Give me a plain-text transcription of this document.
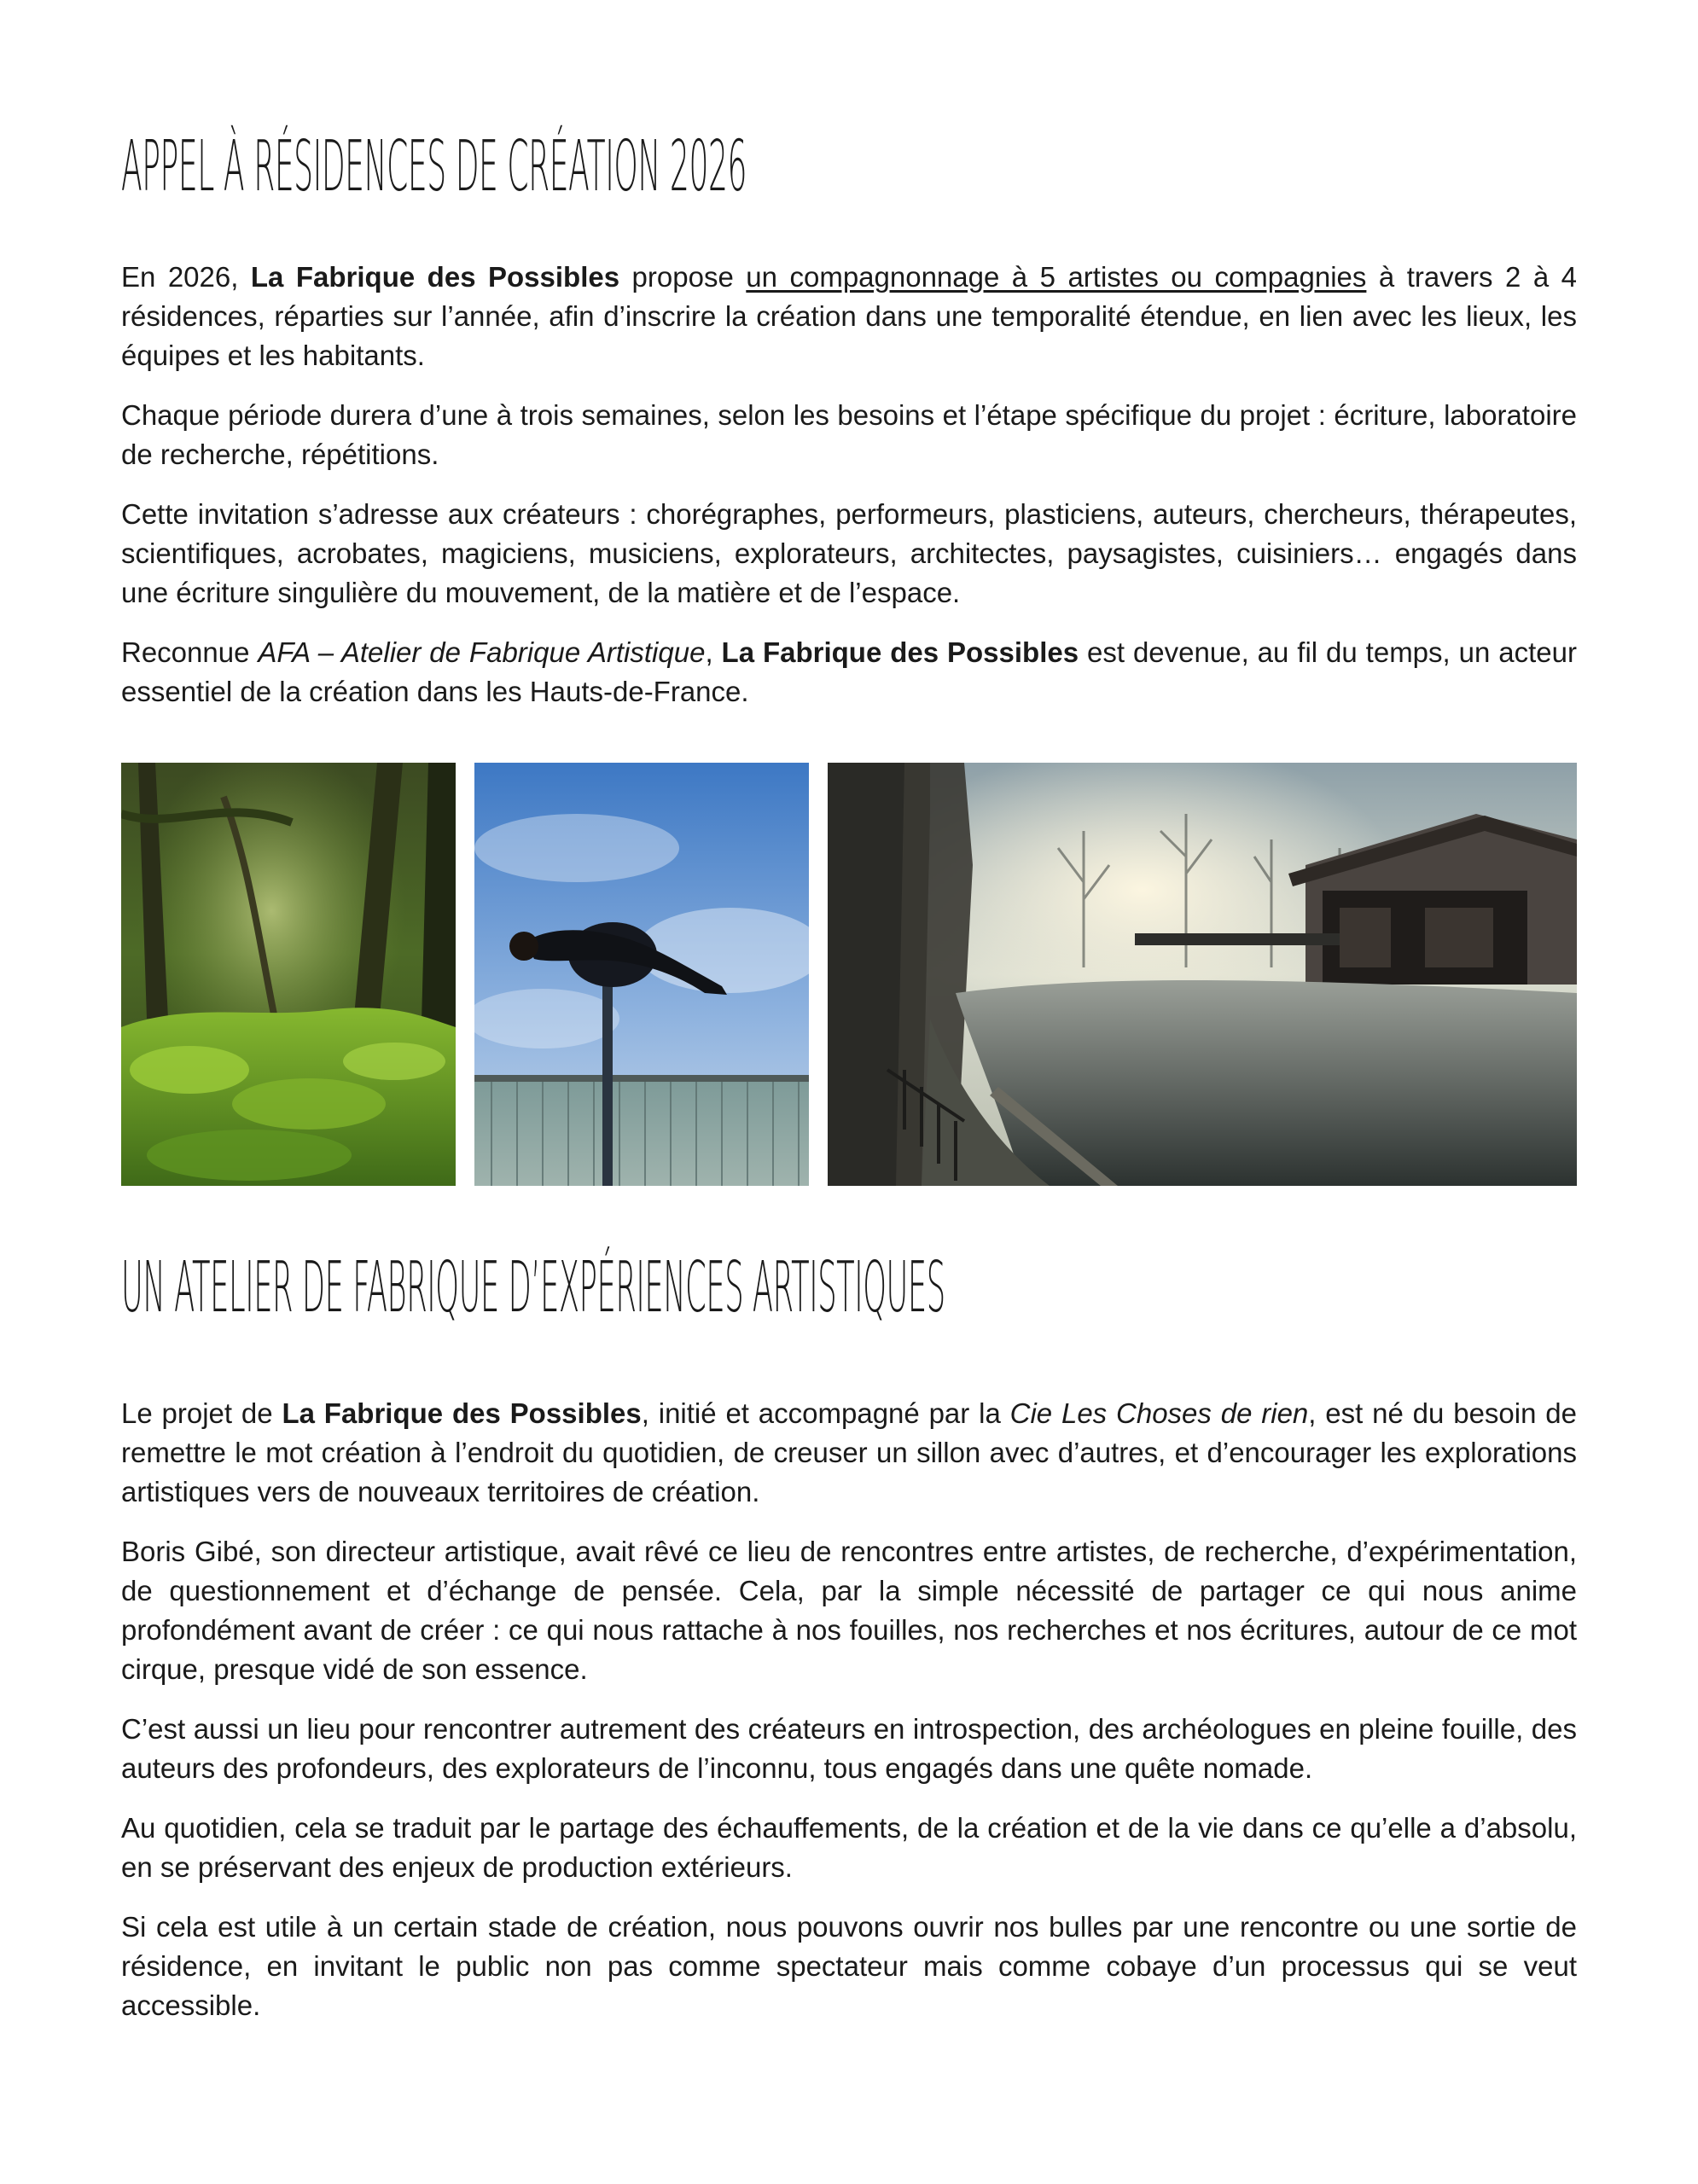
APPEL À RÉSIDENCES DE CRÉATION 2026

En 2026, La Fabrique des Possibles propose un compagnonnage à 5 artistes ou compagnies à travers 2 à 4 résidences, réparties sur l’année, afin d’inscrire la création dans une temporalité étendue, en lien avec les lieux, les équipes et les habitants.

Chaque période durera d’une à trois semaines, selon les besoins et l’étape spécifique du projet : écriture, laboratoire de recherche, répétitions.

Cette invitation s’adresse aux créateurs : chorégraphes, performeurs, plasticiens, auteurs, chercheurs, thérapeutes, scientifiques, acrobates, magiciens, musiciens, explorateurs, architectes, paysagistes, cuisiniers… engagés dans une écriture singulière du mouvement, de la matière et de l’espace.

Reconnue AFA – Atelier de Fabrique Artistique, La Fabrique des Possibles est devenue, au fil du temps, un acteur essentiel de la création dans les Hauts-de-France.

UN ATELIER DE FABRIQUE D’EXPÉRIENCES ARTISTIQUES

Le projet de La Fabrique des Possibles, initié et accompagné par la Cie Les Choses de rien, est né du besoin de remettre le mot création à l’endroit du quotidien, de creuser un sillon avec d’autres, et d’encourager les explorations artistiques vers de nouveaux territoires de création.

Boris Gibé, son directeur artistique, avait rêvé ce lieu de rencontres entre artistes, de recherche, d’expérimentation, de questionnement et d’échange de pensée. Cela, par la simple nécessité de partager ce qui nous anime profondément avant de créer : ce qui nous rattache à nos fouilles, nos recherches et nos écritures, autour de ce mot cirque, presque vidé de son essence.

C’est aussi un lieu pour rencontrer autrement des créateurs en introspection, des archéologues en pleine fouille, des auteurs des profondeurs, des explorateurs de l’inconnu, tous engagés dans une quête nomade.

Au quotidien, cela se traduit par le partage des échauffements, de la création et de la vie dans ce qu’elle a d’absolu, en se préservant des enjeux de production extérieurs.

Si cela est utile à un certain stade de création, nous pouvons ouvrir nos bulles par une rencontre ou une sortie de résidence, en invitant le public non pas comme spectateur mais comme cobaye d’un processus qui se veut accessible.
